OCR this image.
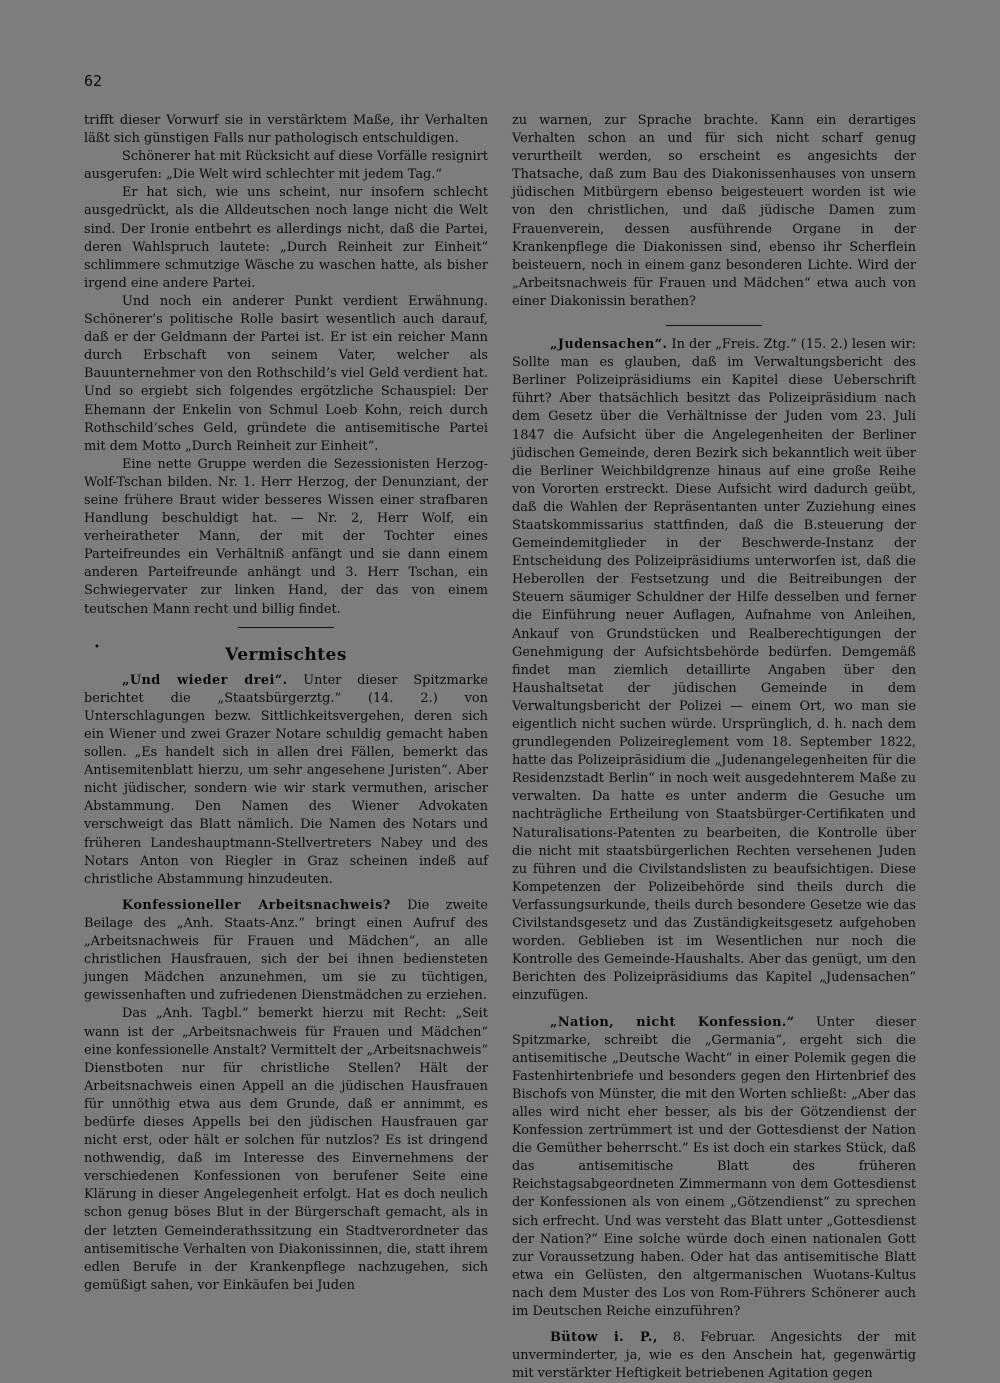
62

trifft dieser Vorwurf sie in verstärktem Maße, ihr Verhalten läßt sich günstigen Falls nur pathologisch entschuldigen.

Schönerer hat mit Rücksicht auf diese Vorfälle resignirt ausgerufen: „Die Welt wird schlechter mit jedem Tag.“

Er hat sich, wie uns scheint, nur insofern schlecht ausgedrückt, als die Alldeutschen noch lange nicht die Welt sind. Der Ironie entbehrt es allerdings nicht, daß die Partei, deren Wahlspruch lautete: „Durch Reinheit zur Einheit“ schlimmere schmutzige Wäsche zu waschen hatte, als bisher irgend eine andere Partei.

Und noch ein anderer Punkt verdient Erwähnung. Schönerer’s politische Rolle basirt wesentlich auch darauf, daß er der Geldmann der Partei ist. Er ist ein reicher Mann durch Erbschaft von seinem Vater, welcher als Bauunternehmer von den Rothschild’s viel Geld verdient hat. Und so ergiebt sich folgendes ergötzliche Schauspiel: Der Ehemann der Enkelin von Schmul Loeb Kohn, reich durch Rothschild’sches Geld, gründete die antisemitische Partei mit dem Motto „Durch Reinheit zur Einheit“.

Eine nette Gruppe werden die Sezessionisten Herzog-Wolf-Tschan bilden. Nr. 1. Herr Herzog, der Denunziant, der seine frühere Braut wider besseres Wissen einer strafbaren Handlung beschuldigt hat. — Nr. 2, Herr Wolf, ein verheiratheter Mann, der mit der Tochter eines Parteifreundes ein Verhältniß anfängt und sie dann einem anderen Parteifreunde anhängt und 3. Herr Tschan, ein Schwiegervater zur linken Hand, der das von einem teutschen Mann recht und billig findet.

Vermischtes

„Und wieder drei“. Unter dieser Spitzmarke berichtet die „Staatsbürgerztg.“ (14. 2.) von Unterschlagungen bezw. Sittlichkeitsvergehen, deren sich ein Wiener und zwei Grazer Notare schuldig gemacht haben sollen. „Es handelt sich in allen drei Fällen, bemerkt das Antisemitenblatt hierzu, um sehr angesehene Juristen“. Aber nicht jüdischer, sondern wie wir stark vermuthen, arischer Abstammung. Den Namen des Wiener Advokaten verschweigt das Blatt nämlich. Die Namen des Notars und früheren Landeshauptmann-Stellvertreters Nabey und des Notars Anton von Riegler in Graz scheinen indeß auf christliche Abstammung hinzudeuten.

Konfessioneller Arbeitsnachweis? Die zweite Beilage des „Anh. Staats-Anz.“ bringt einen Aufruf des „Arbeitsnachweis für Frauen und Mädchen“, an alle christlichen Hausfrauen, sich der bei ihnen bediensteten jungen Mädchen anzunehmen, um sie zu tüchtigen, gewissenhaften und zufriedenen Dienstmädchen zu erziehen.

Das „Anh. Tagbl.“ bemerkt hierzu mit Recht: „Seit wann ist der „Arbeitsnachweis für Frauen und Mädchen“ eine konfessionelle Anstalt? Vermittelt der „Arbeitsnachweis“ Dienstboten nur für christliche Stellen? Hält der Arbeitsnachweis einen Appell an die jüdischen Hausfrauen für unnöthig etwa aus dem Grunde, daß er annimmt, es bedürfe dieses Appells bei den jüdischen Hausfrauen gar nicht erst, oder hält er solchen für nutzlos? Es ist dringend nothwendig, daß im Interesse des Einvernehmens der verschiedenen Konfessionen von berufener Seite eine Klärung in dieser Angelegenheit erfolgt. Hat es doch neulich schon genug böses Blut in der Bürgerschaft gemacht, als in der letzten Gemeinderathssitzung ein Stadtverordneter das antisemitische Verhalten von Diakonissinnen, die, statt ihrem edlen Berufe in der Krankenpflege nachzugehen, sich gemüßigt sahen, vor Einkäufen bei Juden

•

zu warnen, zur Sprache brachte. Kann ein derartiges Verhalten schon an und für sich nicht scharf genug verurtheilt werden, so erscheint es angesichts der Thatsache, daß zum Bau des Diakonissenhauses von unsern jüdischen Mitbürgern ebenso beigesteuert worden ist wie von den christlichen, und daß jüdische Damen zum Frauenverein, dessen ausführende Organe in der Krankenpflege die Diakonissen sind, ebenso ihr Scherflein beisteuern, noch in einem ganz besonderen Lichte. Wird der „Arbeitsnachweis für Frauen und Mädchen“ etwa auch von einer Diakonissin berathen?

„Judensachen“. In der „Freis. Ztg.“ (15. 2.) lesen wir: Sollte man es glauben, daß im Verwaltungsbericht des Berliner Polizeipräsidiums ein Kapitel diese Ueberschrift führt? Aber thatsächlich besitzt das Polizeipräsidium nach dem Gesetz über die Verhältnisse der Juden vom 23. Juli 1847 die Aufsicht über die Angelegenheiten der Berliner jüdischen Gemeinde, deren Bezirk sich bekanntlich weit über die Berliner Weichbildgrenze hinaus auf eine große Reihe von Vororten erstreckt. Diese Aufsicht wird dadurch geübt, daß die Wahlen der Repräsentanten unter Zuziehung eines Staatskommissarius stattfinden, daß die B.steuerung der Gemeindemitglieder in der Beschwerde-Instanz der Entscheidung des Polizeipräsidiums unterworfen ist, daß die Heberollen der Festsetzung und die Beitreibungen der Steuern säumiger Schuldner der Hilfe desselben und ferner die Einführung neuer Auflagen, Aufnahme von Anleihen, Ankauf von Grundstücken und Realberechtigungen der Genehmigung der Aufsichtsbehörde bedürfen. Demgemäß findet man ziemlich detaillirte Angaben über den Haushaltsetat der jüdischen Gemeinde in dem Verwaltungsbericht der Polizei — einem Ort, wo man sie eigentlich nicht suchen würde. Ursprünglich, d. h. nach dem grundlegenden Polizeireglement vom 18. September 1822, hatte das Polizeipräsidium die „Judenangelegenheiten für die Residenzstadt Berlin“ in noch weit ausgedehnterem Maße zu verwalten. Da hatte es unter anderm die Gesuche um nachträgliche Ertheilung von Staatsbürger-Certifikaten und Naturalisations-Patenten zu bearbeiten, die Kontrolle über die nicht mit staatsbürgerlichen Rechten versehenen Juden zu führen und die Civilstandslisten zu beaufsichtigen. Diese Kompetenzen der Polizeibehörde sind theils durch die Verfassungsurkunde, theils durch besondere Gesetze wie das Civilstandsgesetz und das Zuständigkeitsgesetz aufgehoben worden. Geblieben ist im Wesentlichen nur noch die Kontrolle des Gemeinde-Haushalts. Aber das genügt, um den Berichten des Polizeipräsidiums das Kapitel „Judensachen“ einzufügen.

„Nation, nicht Konfession.“ Unter dieser Spitzmarke, schreibt die „Germania“, ergeht sich die antisemitische „Deutsche Wacht“ in einer Polemik gegen die Fastenhirtenbriefe und besonders gegen den Hirtenbrief des Bischofs von Münster, die mit den Worten schließt: „Aber das alles wird nicht eher besser, als bis der Götzendienst der Konfession zertrümmert ist und der Gottesdienst der Nation die Gemüther beherrscht.“ Es ist doch ein starkes Stück, daß das antisemitische Blatt des früheren Reichstagsabgeordneten Zimmermann von dem Gottesdienst der Konfessionen als von einem „Götzendienst“ zu sprechen sich erfrecht. Und was versteht das Blatt unter „Gottesdienst der Nation?“ Eine solche würde doch einen nationalen Gott zur Voraussetzung haben. Oder hat das antisemitische Blatt etwa ein Gelüsten, den altgermanischen Wuotans-Kultus nach dem Muster des Los von Rom-Führers Schönerer auch im Deutschen Reiche einzuführen?

Bütow i. P., 8. Februar. Angesichts der mit unverminderter, ja, wie es den Anschein hat, gegenwärtig mit verstärkter Heftigkeit betriebenen Agitation gegen
